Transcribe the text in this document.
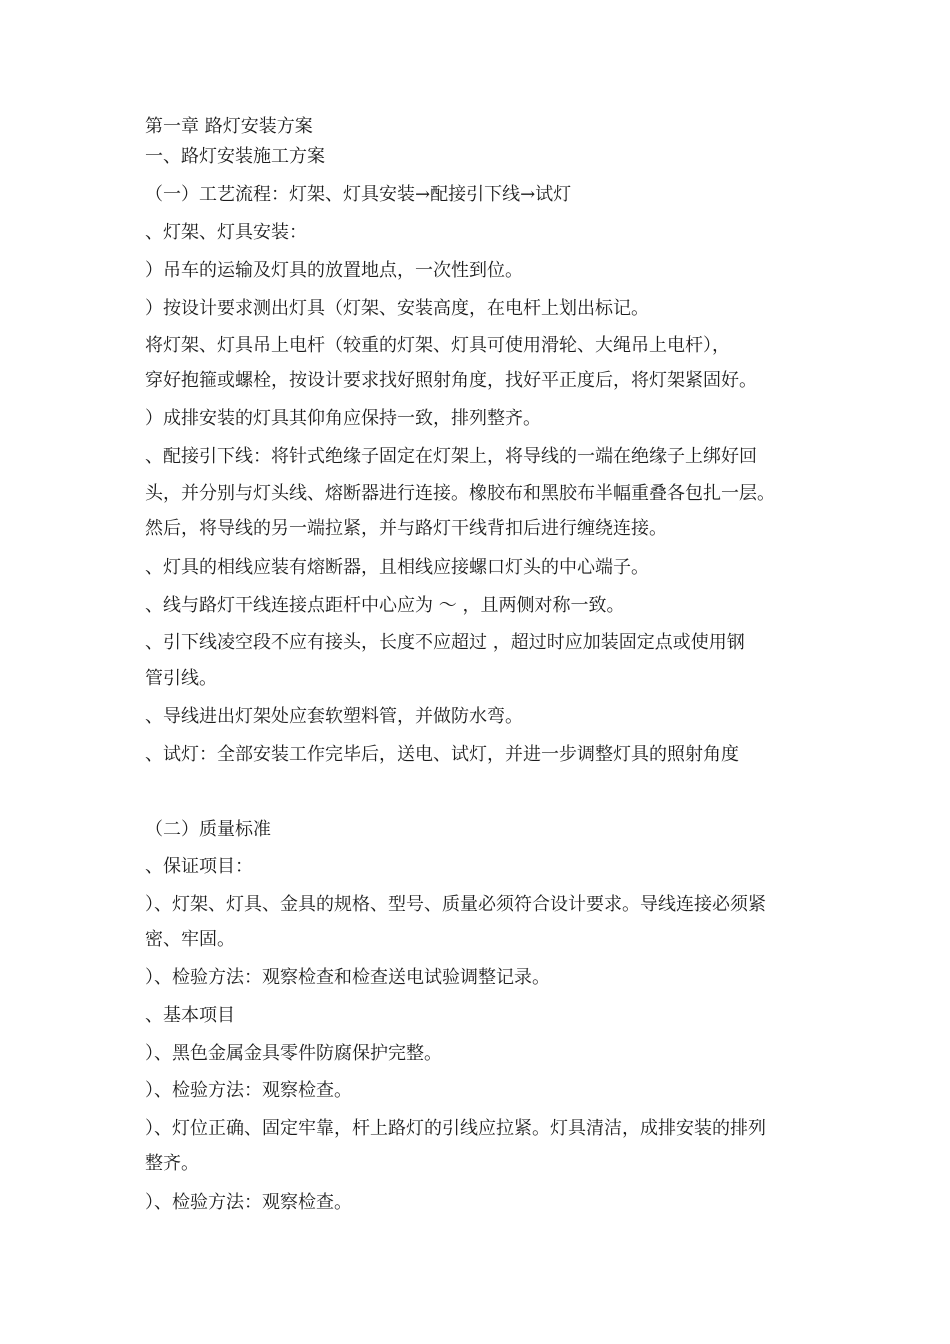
第一章 路灯安装方案
一、路灯安装施工方案
（一）工艺流程：灯架、灯具安装→配接引下线→试灯
、灯架、灯具安装：
）吊车的运输及灯具的放置地点，一次性到位。
）按设计要求测出灯具（灯架、安装高度，在电杆上划出标记。
将灯架、灯具吊上电杆（较重的灯架、灯具可使用滑轮、大绳吊上电杆），
穿好抱箍或螺栓，按设计要求找好照射角度，找好平正度后，将灯架紧固好。
）成排安装的灯具其仰角应保持一致，排列整齐。
、配接引下线：将针式绝缘子固定在灯架上，将导线的一端在绝缘子上绑好回
头，并分别与灯头线、熔断器进行连接。橡胶布和黑胶布半幅重叠各包扎一层。
然后，将导线的另一端拉紧，并与路灯干线背扣后进行缠绕连接。
、灯具的相线应装有熔断器，且相线应接螺口灯头的中心端子。
、线与路灯干线连接点距杆中心应为 ～ ，且两侧对称一致。
、引下线凌空段不应有接头，长度不应超过 ，超过时应加装固定点或使用钢
管引线。
、导线进出灯架处应套软塑料管，并做防水弯。
、试灯：全部安装工作完毕后，送电、试灯，并进一步调整灯具的照射角度
（二）质量标准
、保证项目：
）、灯架、灯具、金具的规格、型号、质量必须符合设计要求。导线连接必须紧
密、牢固。
）、检验方法：观察检查和检查送电试验调整记录。
、基本项目
）、黑色金属金具零件防腐保护完整。
）、检验方法：观察检查。
）、灯位正确、固定牢靠，杆上路灯的引线应拉紧。灯具清洁，成排安装的排列
整齐。
）、检验方法：观察检查。
